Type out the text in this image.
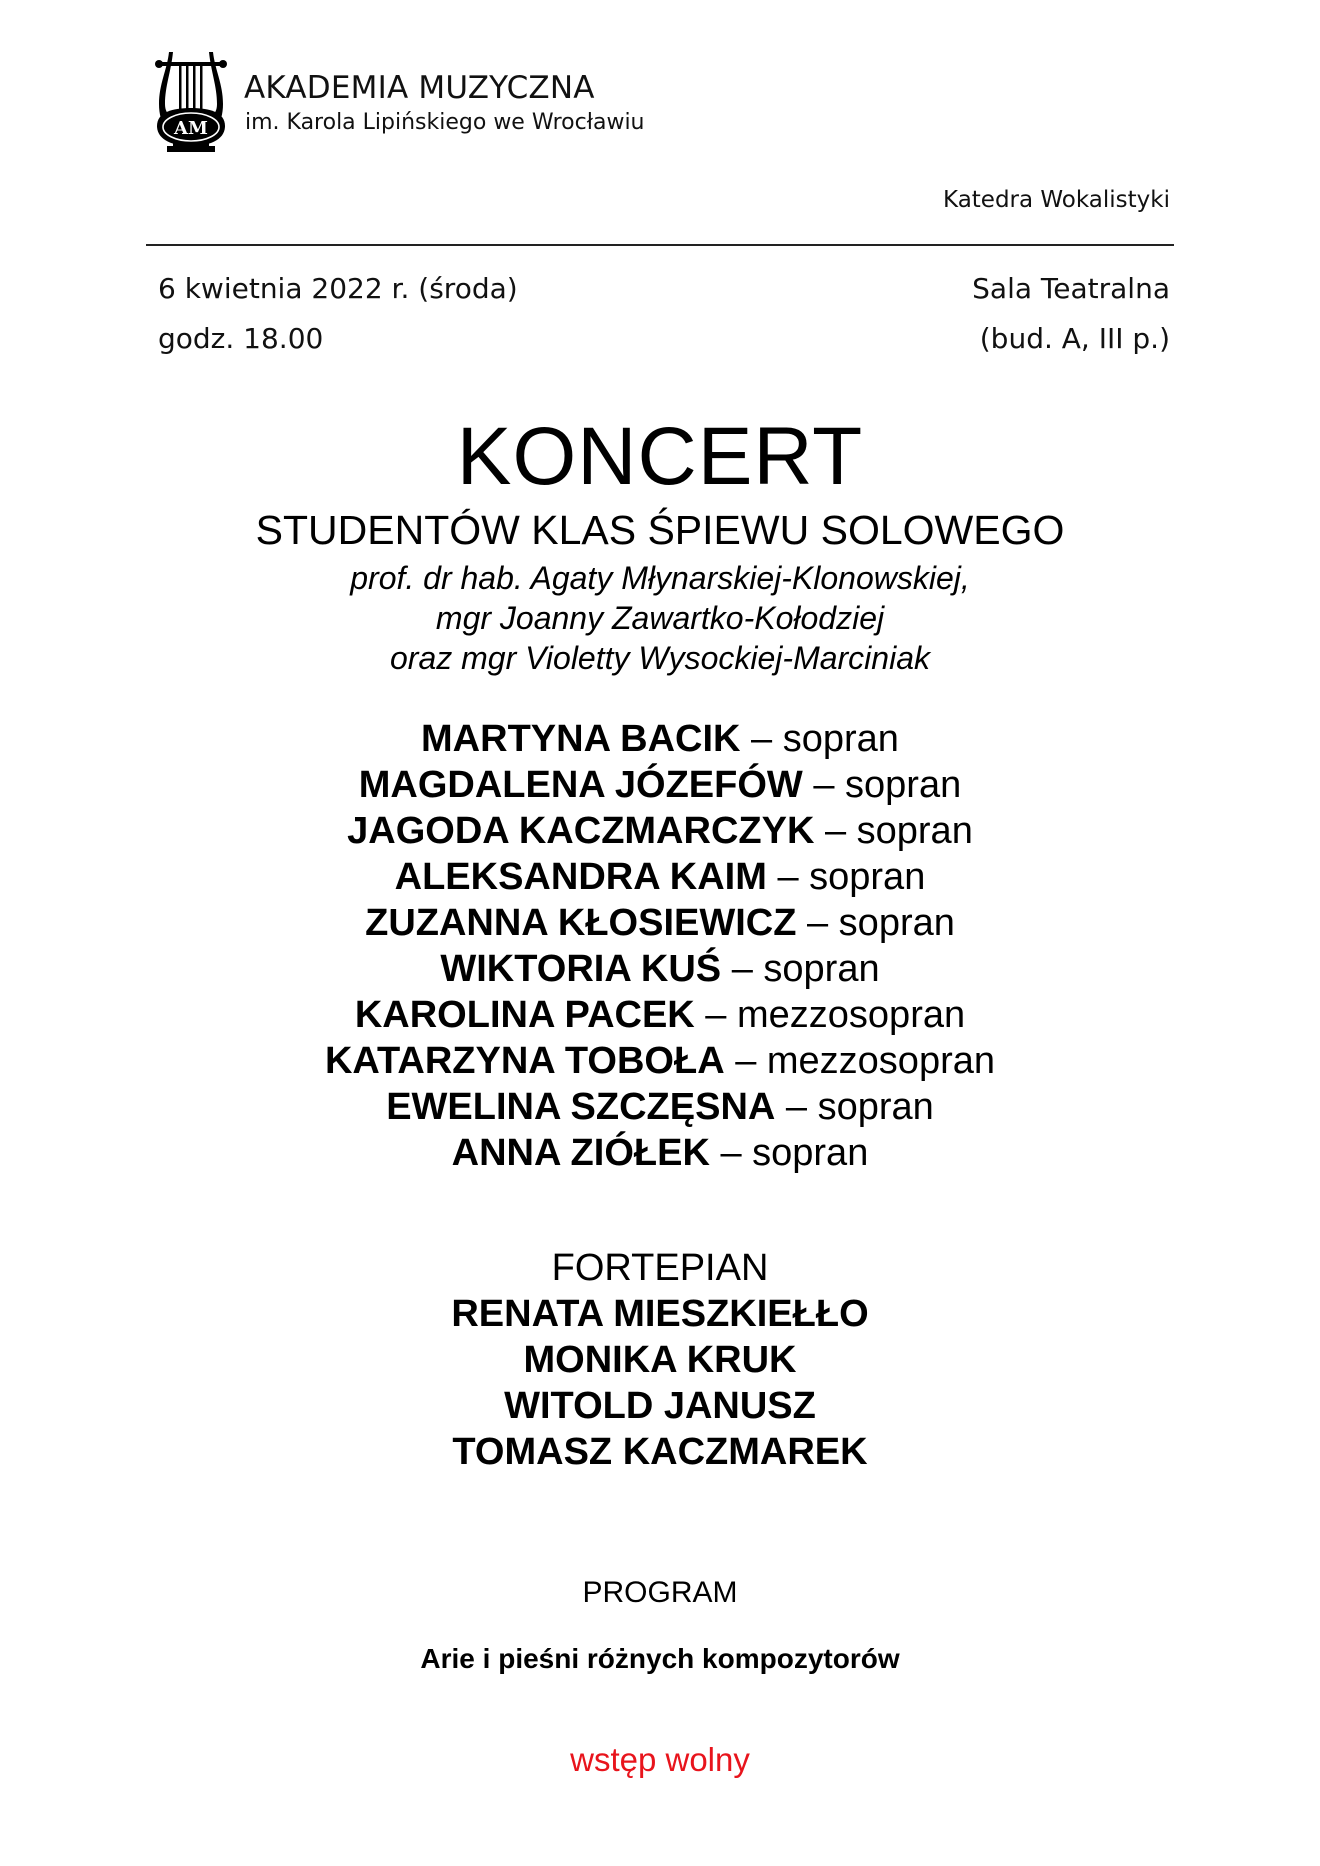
AM
AKADEMIA MUZYCZNA
im. Karola Lipińskiego we Wrocławiu
Katedra Wokalistyki
6 kwietnia 2022 r. (środa)
godz. 18.00
Sala Teatralna
(bud. A, III p.)
KONCERT
STUDENTÓW KLAS ŚPIEWU SOLOWEGO
prof. dr hab. Agaty Młynarskiej-Klonowskiej,
mgr Joanny Zawartko-Kołodziej
oraz mgr Violetty Wysockiej-Marciniak
MARTYNA BACIK – sopran
MAGDALENA JÓZEFÓW – sopran
JAGODA KACZMARCZYK – sopran
ALEKSANDRA KAIM – sopran
ZUZANNA KŁOSIEWICZ – sopran
WIKTORIA KUŚ – sopran
KAROLINA PACEK – mezzosopran
KATARZYNA TOBOŁA – mezzosopran
EWELINA SZCZĘSNA – sopran
ANNA ZIÓŁEK – sopran
FORTEPIAN
RENATA MIESZKIEŁŁO
MONIKA KRUK
WITOLD JANUSZ
TOMASZ KACZMAREK
PROGRAM
Arie i pieśni różnych kompozytorów
wstęp wolny
